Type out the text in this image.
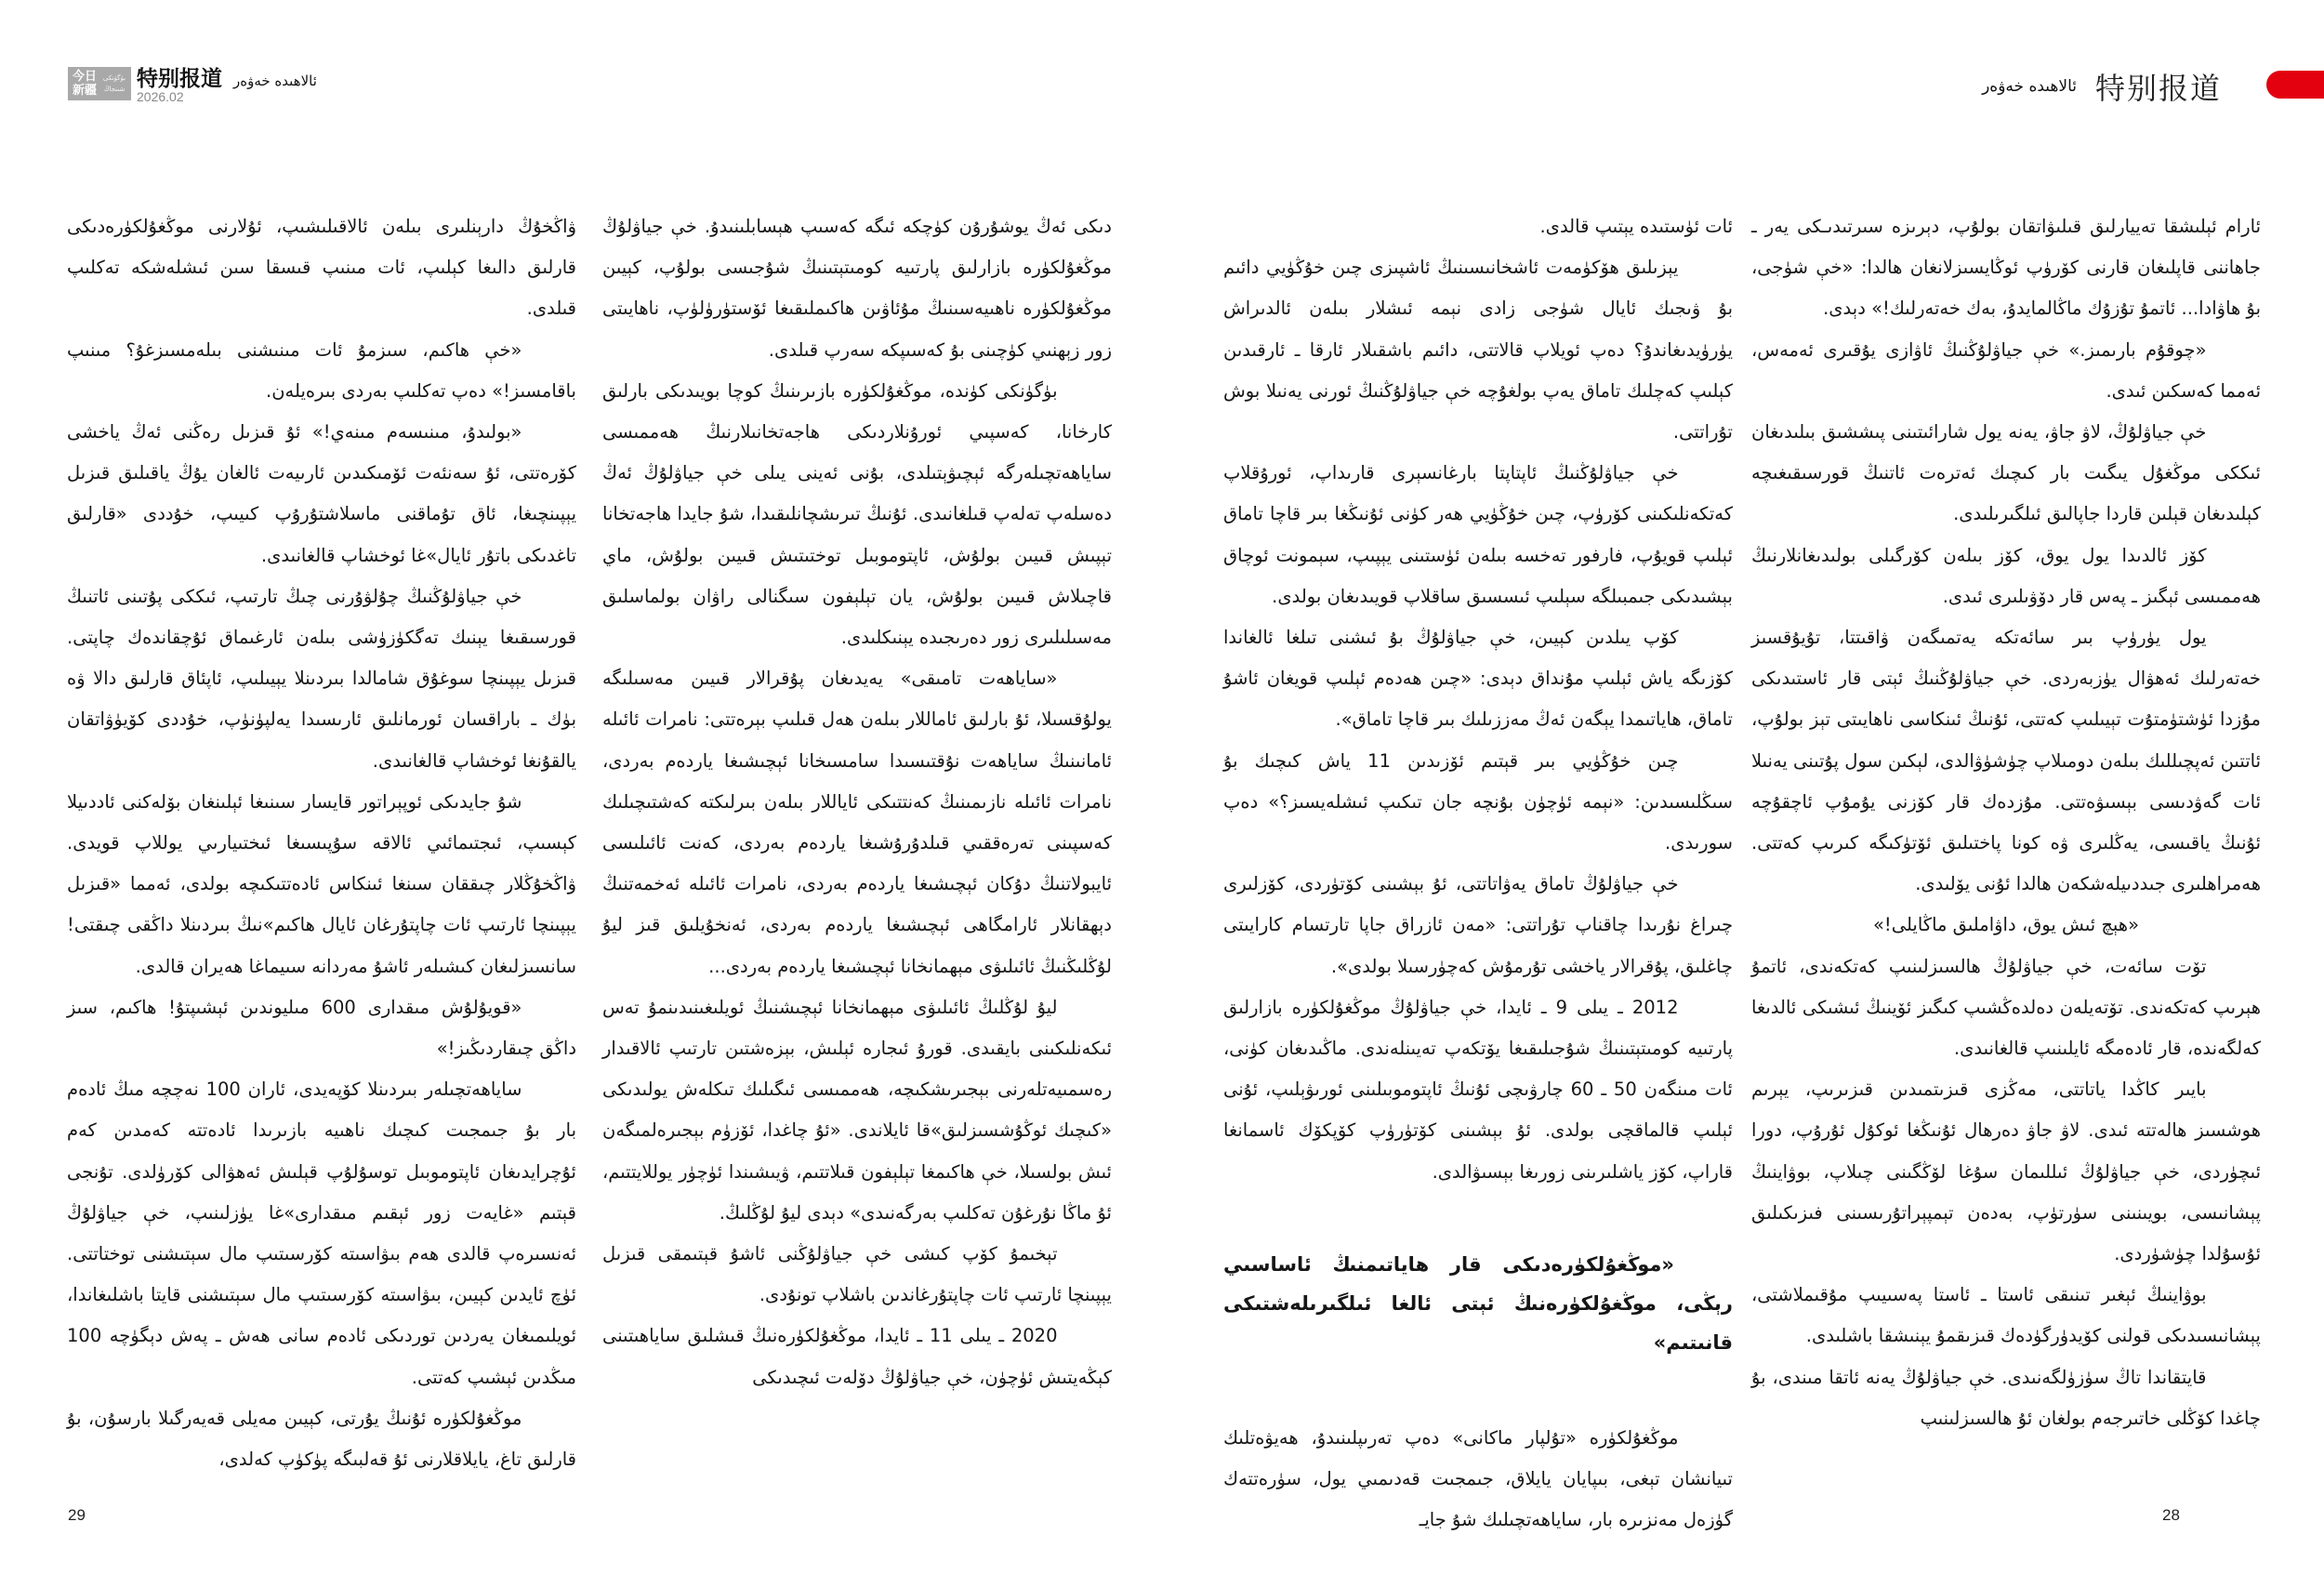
今日新疆
بۈگۈنكى شىنجاڭ 特别报道 ئالاھىدە خەۋەر
2026.02
ئالاھىدە خەۋەر 特别报道

ئارام ئېلىشقا تەييارلىق قىلىۋاتقان بولۇپ، دېرىزە سىرتىدى‍ـكى يەر ـ جاھاننى قاپلىغان قارنى كۆرۈپ ئوڭايسىزلانغان ھالدا: «خې شۈجى، بۇ ھاۋادا... ئاتمۇ تۇزۇك ماڭالمايدۇ، بەك خەتەرلىك!» دېدى.

«چوقۇم بارىمىز.» خې جياۋلۇڭنىڭ ئاۋازى يۇقىرى ئەمەس، ئەمما كەسكىن ئىدى.

خې جياۋلۇڭ، لاۋ جاۋ، يەنە يول شارائىتىنى پىششىق بىلىدىغان ئىككى موڭغۇل يىگىت بار كىچىك ئەترەت ئاتنىڭ قورسىقىغىچە كېلىدىغان قېلىن قاردا جاپالىق ئىلگىرىلىدى.

كۆز ئالدىدا يول يوق، كۆز بىلەن كۆرگىلى بولىدىغانلارنىڭ ھەممىسى ئېگىز ـ پەس قار دۆۋىلىرى ئىدى.

يول يۈرۈپ بىر سائەتكە يەتمىگەن ۋاقىتتا، تۇيۇقسىز خەتەرلىك ئەھۋال يۈزبەردى. خې جياۋلۇڭنىڭ ئېتى قار ئاستىدىكى مۇزدا ئۈشتۈمتۇت تېيىلىپ كەتتى، ئۇنىڭ ئىنكاسى ناھايىتى تېز بولۇپ، ئاتتىن ئەپچىللىك بىلەن دومىلاپ چۈشۈۋالدى، لېكىن سول پۇتىنى يەنىلا ئات گەۋدىسى بېسىۋەتتى. مۇزدەك قار كۆزنى يۇمۇپ ئاچقۇچە ئۇنىڭ ياقىسى، يەڭلىرى ۋە كونا پاختىلىق ئۆتۈكىگە كىرىپ كەتتى. ھەمراھلىرى جىددىيلەشكەن ھالدا ئۇنى يۆلىدى.

«ھېچ ئىش يوق، داۋاملىق ماڭايلى!»

تۆت سائەت، خې جياۋلۇڭ ھالسىزلىنىپ كەتكەندى، ئاتمۇ ھېرىپ كەتكەندى. تۆتەيلەن دەلدەڭشىپ كىگىز ئۆينىڭ ئىشىكى ئالدىغا كەلگەندە، قار ئادەمگە ئايلىنىپ قالغانىدى.

بايىر كاڭدا ياتاتتى، مەڭزى قىزىتمىدىن قىزىرىپ، يېرىم ھوشسىز ھالەتتە ئىدى. لاۋ جاۋ دەرھال ئۇنىڭغا ئوكۇل ئۇرۇپ، دورا ئىچۈردى، خې جياۋلۇڭ ئىللىمان سۇغا لۆڭگىنى چىلاپ، بوۋاينىڭ پېشانىسى، بويىنىنى سۈرتۈپ، بەدەن تېمپېراتۇرىسىنى فىزىكىلىق ئۇسۇلدا چۈشۈردى.

بوۋاينىڭ ئېغىر تىنىقى ئاستا ـ ئاستا پەسىيىپ مۇقىملاشتى، پېشانىسىدىكى قولنى كۆيدۈرگۈدەك قىزىقمۇ يېنىشقا باشلىدى.

قايتقاندا تاڭ سۈزۈلگەنىدى. خې جياۋلۇڭ يەنە ئاتقا مىندى، بۇ چاغدا كۆڭلى خاتىرجەم بولغان ئۇ ھالسىزلىنىپ

ئات ئۈستىدە يېتىپ قالدى.

يېزىلىق ھۆكۈمەت ئاشخانىسىنىڭ ئاشپىزى چىن خۇڭۈيي دائىم بۇ ۋىجىك ئايال شۈجى زادى نېمە ئىشلار بىلەن ئالدىراش يۈرۈيدىغاندۇ؟ دەپ ئويلاپ قالاتتى، دائىم باشقىلار ئارقا ـ ئارقىدىن كېلىپ كەچلىك تاماق يەپ بولغۇچە خې جياۋلۇڭنىڭ ئورنى يەنىلا بوش تۇراتتى.

خې جياۋلۇڭنىڭ ئاپتاپتا بارغانسېرى قارىداپ، ئورۇقلاپ كەتكەنلىكىنى كۆرۈپ، چىن خۇڭۈيي ھەر كۈنى ئۇنىڭغا بىر قاچا تاماق ئېلىپ قويۇپ، فارفور تەخسە بىلەن ئۈستىنى يېپىپ، سېمونت ئوچاق بېشىدىكى جىمبىلگە سېلىپ ئىسسىق ساقلاپ قويىدىغان بولدى.

كۆپ يىلدىن كېيىن، خې جياۋلۇڭ بۇ ئىشنى تىلغا ئالغاندا كۆزىگە ياش ئېلىپ مۇنداق دېدى: «چىن ھەدەم ئېلىپ قويغان ئاشۇ تاماق، ھاياتىمدا يېگەن ئەڭ مەززىلىك بىر قاچا تاماق».

چىن خۇڭۈيي بىر قېتىم ئۆزىدىن 11 ياش كىچىك بۇ سىڭلىسىدىن: «نېمە ئۈچۈن بۇنچە جان تىكىپ ئىشلەيسىز؟» دەپ سورىدى.

خې جياۋلۇڭ تاماق يەۋاتاتتى، ئۇ بېشىنى كۆتۈردى، كۆزلىرى چىراغ نۇرىدا چاقناپ تۇراتتى: «مەن ئازراق جاپا تارتسام كارايىتى چاغلىق، پۇقرالار ياخشى تۇرمۇش كەچۈرسىلا بولدى».

2012 ـ يىلى 9 ـ ئايدا، خې جياۋلۇڭ موڭغۇلكۈرە بازارلىق پارتىيە كومىتېتىنىڭ شۇجىلىقىغا يۆتكەپ تەيىنلەندى. ماڭىدىغان كۈنى، ئات مىنگەن 50 ـ 60 چارۋىچى ئۇنىڭ ئاپتوموبىلىنى ئورىۋېلىپ، ئۇنى ئېلىپ قالماقچى بولدى. ئۇ بېشىنى كۆتۈرۈپ كۆپكۆك ئاسمانغا قاراپ، كۆز ياشلىرىنى زورىغا بېسىۋالدى.

«موڭغۇلكۈرەدىكى قار ھاياتىمنىڭ ئاساسىي رېڭى، موڭغۇلكۈرەنىڭ ئېتى ئالغا ئىلگىرىلەشتىكى قانىتىم»

موڭغۇلكۈرە «تۇلپار ماكانى» دەپ تەرىپلىنىدۇ، ھەيۋەتلىك تىيانشان تېغى، بىپايان يايلاق، جىمجىت قەدىمىي يول، سۈرەتتەك گۈزەل مەنزىرە بار، ساياھەتچىلىك شۇ جاي‍ـ

دىكى ئەڭ يوشۇرۇن كۈچكە ئىگە كەسىپ ھېسابلىنىدۇ. خې جياۋلۇڭ موڭغۇلكۈرە بازارلىق پارتىيە كومىتېتىنىڭ شۇجىسى بولۇپ، كېيىن موڭغۇلكۈرە ناھىيەسىنىڭ مۇئاۋىن ھاكىملىقىغا ئۆستۈرۈلۈپ، ناھايىتى زور زېھنىي كۈچىنى بۇ كەسىپكە سەرپ قىلدى.

بۈگۈنكى كۈندە، موڭغۇلكۈرە بازىرىنىڭ كوچا بويىدىكى بارلىق كارخانا، كەسپىي ئورۇنلاردىكى ھاجەتخانىلارنىڭ ھەممىسى ساياھەتچىلەرگە ئېچىۋېتىلدى، بۇنى ئەينى يىلى خې جياۋلۇڭ ئەڭ دەسلەپ تەلەپ قىلغانىدى. ئۇنىڭ تىرىشچانلىقىدا، شۇ جايدا ھاجەتخانا تېپىش قىيىن بولۇش، ئاپتوموبىل توختىتىش قىيىن بولۇش، ماي قاچىلاش قىيىن بولۇش، يان تېلېفون سىگنالى راۋان بولماسلىق مەسىلىلىرى زور دەرىجىدە يېنىكلىدى.

«ساياھەت تامىقى» يەيدىغان پۇقرالار قىيىن مەسىلىگە يولۇقسىلا، ئۇ بارلىق ئاماللار بىلەن ھەل قىلىپ بېرەتتى: نامرات ئائىلە ئامانىنىڭ ساياھەت نۇقتىسىدا سامسىخانا ئېچىشىغا ياردەم بەردى، نامرات ئائىلە نازىمىنىڭ كەنتتىكى ئاياللار بىلەن بىرلىكتە كەشتىچىلىك كەسپىنى تەرەققىي قىلدۇرۇشىغا ياردەم بەردى، كەنت ئائىلىسى ئايبولاتنىڭ دۇكان ئېچىشىغا ياردەم بەردى، نامرات ئائىلە ئەخمەتنىڭ دېھقانلار ئارامگاھى ئېچىشىغا ياردەم بەردى، ئەنخۇيلىق قىز ليۇ لۇڭلىڭنىڭ ئائىلىۋى مېھمانخانا ئېچىشىغا ياردەم بەردى...

ليۇ لۇڭلىڭ ئائىلىۋى مېھمانخانا ئېچىشنىڭ ئويلىغىنىدىنمۇ تەس ئىكەنلىكىنى بايقىدى. قورۇ ئىجارە ئېلىش، بېزەشتىن تارتىپ ئالاقىدار رەسمىيەتلەرنى بېجىرىشكىچە، ھەممىسى ئىگىلىك تىكلەش يولىدىكى «كىچىك ئوڭۇشسىزلىق»قا ئايلاندى. «ئۇ چاغدا، ئۆزۈم بېجىرەلمىگەن ئىش بولسىلا، خې ھاكىمغا تېلېفون قىلاتتىم، ۋيىشىندا ئۈچۈر يوللايتتىم، ئۇ ماڭا نۇرغۇن تەكلىپ بەرگەنىدى» دېدى ليۇ لۇڭلىڭ.

تېخىمۇ كۆپ كىشى خې جياۋلۇڭنى ئاشۇ قېتىمقى قىزىل يېپىنچا ئارتىپ ئات چاپتۇرغاندىن باشلاپ تونۇدى.

2020 ـ يىلى 11 ـ ئايدا، موڭغۇلكۈرەنىڭ قىشلىق ساياھىتىنى كېڭەيتىش ئۈچۈن، خې جياۋلۇڭ دۆلەت ئىچىدىكى

ۋاڭخۇڭ دارېنلىرى بىلەن ئالاقىلىشىپ، ئۇلارنى موڭغۇلكۈرەدىكى قارلىق دالىغا كېلىپ، ئات مىنىپ قىسقا سىن ئىشلەشكە تەكلىپ قىلدى.

«خې ھاكىم، سىزمۇ ئات مىنىشنى بىلەمسىزغۇ؟ مىنىپ باقامسىز!» دەپ تەكلىپ بەردى بىرەيلەن.

«بولىدۇ، مىنىسەم مىنەي!» ئۇ قىزىل رەڭنى ئەڭ ياخشى كۆرەتتى، ئۇ سەنئەت ئۆمىكىدىن ئارىيەت ئالغان يۇڭ ياقىلىق قىزىل يېپىنچىغا، ئاق تۇماقنى ماسلاشتۇرۇپ كىيىپ، خۇددى «قارلىق تاغدىكى باتۇر ئايال»غا ئوخشاپ قالغانىدى.

خې جياۋلۇڭنىڭ چۇلۋۇرنى چىڭ تارتىپ، ئىككى پۇتىنى ئاتنىڭ قورسىقىغا يېنىك تەگكۈزۈشى بىلەن ئارغىماق ئۇچقاندەك چاپتى. قىزىل يېپىنچا سوغۇق شامالدا بىردىنلا يېيىلىپ، ئاپئاق قارلىق دالا ۋە بۈك ـ باراقسان ئورمانلىق ئارىسىدا يەلپۈنۈپ، خۇددى كۆيۈۋاتقان يالقۇنغا ئوخشاپ قالغانىدى.

شۇ جايدىكى ئوپېراتور قايسار سىنىغا ئېلىنغان بۆلەكنى ئاددىيلا كېسىپ، ئىجتىمائىي ئالاقە سۇپىسىغا ئىختىيارىي يوللاپ قويدى. ۋاڭخۇڭلار چىققان سىنغا ئىنكاس ئادەتتىكىچە بولدى، ئەمما «قىزىل يېپىنچا ئارتىپ ئات چاپتۇرغان ئايال ھاكىم»نىڭ بىردىنلا داڭقى چىقتى! سانسىزلىغان كىشىلەر ئاشۇ مەردانە سىيماغا ھەيران قالدى.

«قويۇلۇش مىقدارى 600 مىليوندىن ئېشىپتۇ! ھاكىم، سىز داڭق چىقاردىڭىز!»

ساياھەتچىلەر بىردىنلا كۆپەيدى، ئاران 100 نەچچە مىڭ ئادەم بار بۇ جىمجىت كىچىك ناھىيە بازىرىدا ئادەتتە كەمدىن كەم ئۇچرايدىغان ئاپتوموبىل توسۇلۇپ قېلىش ئەھۋالى كۆرۈلدى. تۇنجى قېتىم «غايەت زور ئېقىم مىقدارى»غا يۈزلىنىپ، خې جياۋلۇڭ ئەنسىرەپ قالدى ھەم بىۋاسىتە كۆرسىتىپ مال سېتىشنى توختاتتى. ئۈچ ئايدىن كېيىن، بىۋاسىتە كۆرسىتىپ مال سېتىشنى قايتا باشلىغاندا، ئويلىمىغان يەردىن توردىكى ئادەم سانى ھەش ـ پەش دېگۈچە 100 مىڭدىن ئېشىپ كەتتى.

موڭغۇلكۈرە ئۇنىڭ يۇرتى، كېيىن مەيلى قەيەرگىلا بارسۇن، بۇ قارلىق تاغ، يايلاقلارنى ئۇ قەلبىگە پۈكۈپ كەلدى،

29	28
